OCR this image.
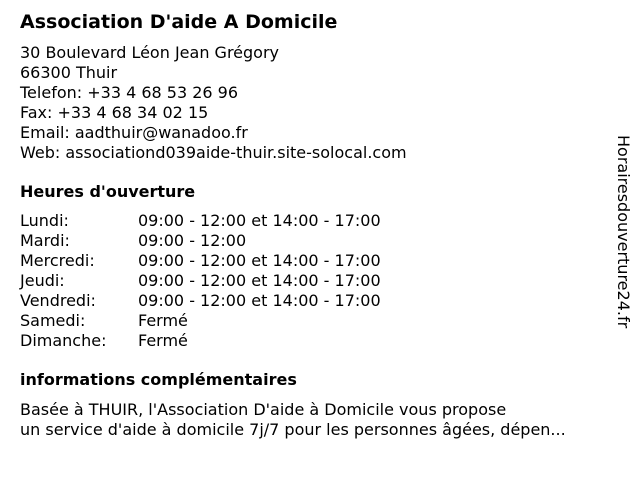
Association D'aide A Domicile
30 Boulevard Léon Jean Grégory
66300 Thuir
Telefon: +33 4 68 53 26 96
Fax: +33 4 68 34 02 15
Email: aadthuir@wanadoo.fr
Web: associationd039aide-thuir.site-solocal.com
Heures d'ouverture
Lundi:	09:00 - 12:00 et 14:00 - 17:00
Mardi:	09:00 - 12:00
Mercredi:	09:00 - 12:00 et 14:00 - 17:00
Jeudi:	09:00 - 12:00 et 14:00 - 17:00
Vendredi:	09:00 - 12:00 et 14:00 - 17:00
Samedi:	Fermé
Dimanche:	Fermé
informations complémentaires
Basée à THUIR, l'Association D'aide à Domicile vous propose
un service d'aide à domicile 7j/7 pour les personnes âgées, dépen...
Horairesdouverture24.fr
